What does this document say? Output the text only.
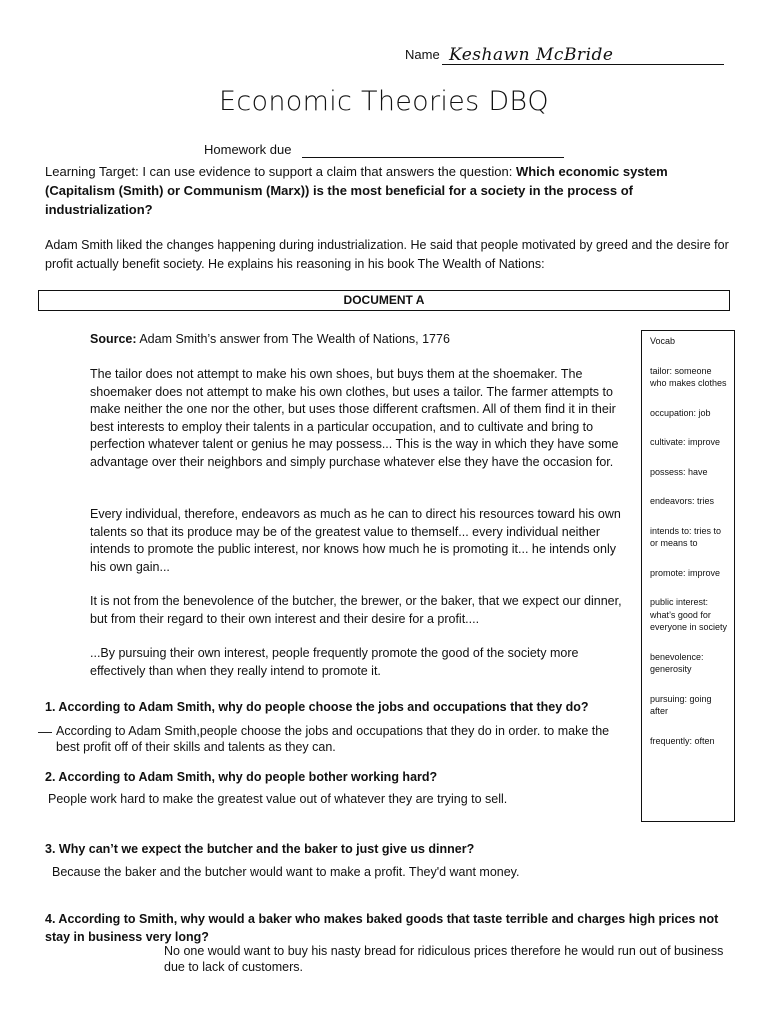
Name Keshawn McBride
Economic Theories DBQ
Homework due
Learning Target: I can use evidence to support a claim that answers the question: Which economic system (Capitalism (Smith) or Communism (Marx)) is the most beneficial for a society in the process of industrialization?
Adam Smith liked the changes happening during industrialization. He said that people motivated by greed and the desire for profit actually benefit society. He explains his reasoning in his book The Wealth of Nations:
DOCUMENT A
Source: Adam Smith’s answer from The Wealth of Nations, 1776
The tailor does not attempt to make his own shoes, but buys them at the shoemaker. The shoemaker does not attempt to make his own clothes, but uses a tailor. The farmer attempts to make neither the one nor the other, but uses those different craftsmen. All of them find it in their best interests to employ their talents in a particular occupation, and to cultivate and bring to perfection whatever talent or genius he may possess... This is the way in which they have some advantage over their neighbors and simply purchase whatever else they have the occasion for.
Every individual, therefore, endeavors as much as he can to direct his resources toward his own talents so that its produce may be of the greatest value to themself... every individual neither intends to promote the public interest, nor knows how much he is promoting it... he intends only his own gain...
It is not from the benevolence of the butcher, the brewer, or the baker, that we expect our dinner, but from their regard to their own interest and their desire for a profit....
...By pursuing their own interest, people frequently promote the good of the society more effectively than when they really intend to promote it.
Vocab
tailor: someone who makes clothes
occupation: job
cultivate: improve
possess: have
endeavors: tries
intends to: tries to or means to
promote: improve
public interest: what’s good for everyone in society
benevolence: generosity
pursuing: going after
frequently: often
1. According to Adam Smith, why do people choose the jobs and occupations that they do?
— According to Adam Smith,people choose the jobs and occupations that they do in order. to make the best profit off of their skills and talents as they can.
2. According to Adam Smith, why do people bother working hard?
People work hard to make the greatest value out of whatever they are trying to sell.
3. Why can’t we expect the butcher and the baker to just give us dinner?
Because the baker and the butcher would want to make a profit. They'd want money.
4. According to Smith, why would a baker who makes baked goods that taste terrible and charges high prices not stay in business very long?
No one would want to buy his nasty bread for ridiculous prices therefore he would run out of business due to lack of customers.
